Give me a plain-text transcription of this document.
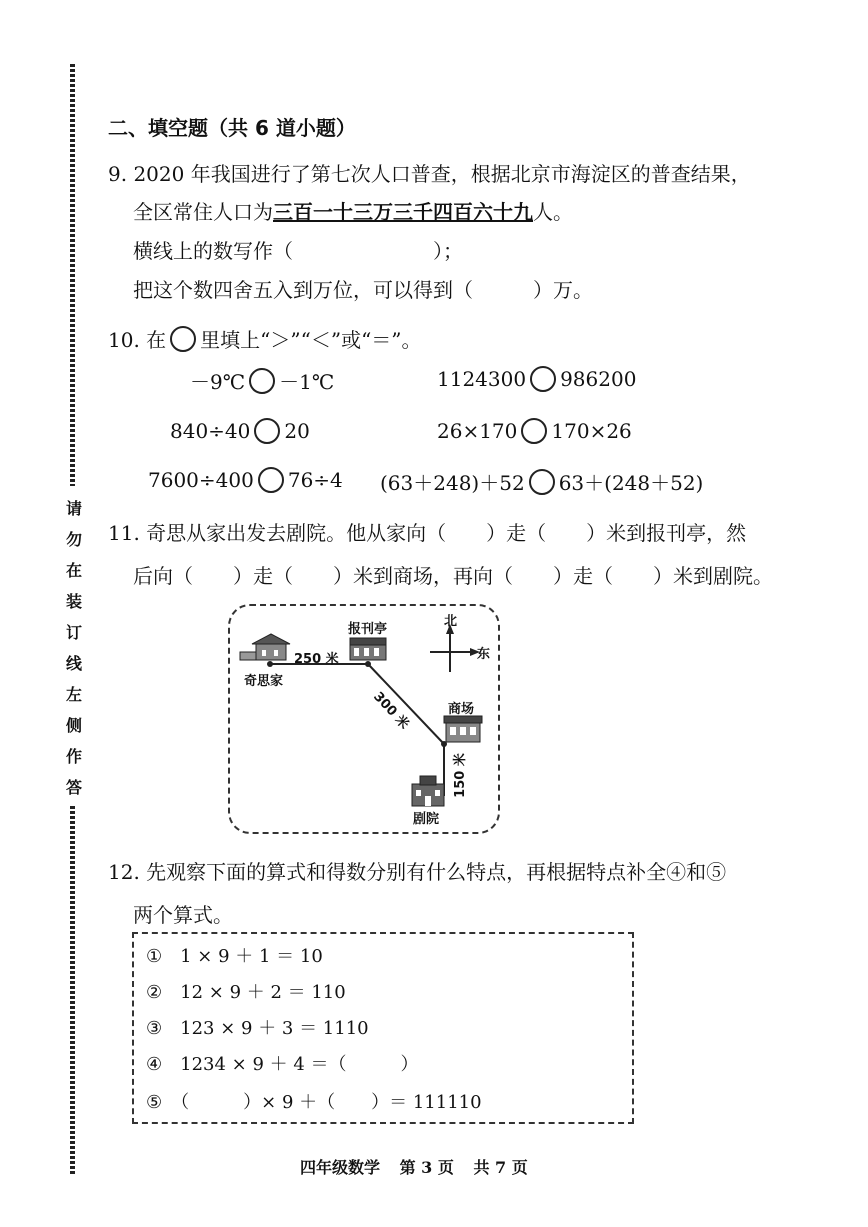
请
勿
在
装
订
线
左
侧
作
答
二、填空题（共 6 道小题）
9. 2020 年我国进行了第七次人口普查，根据北京市海淀区的普查结果，
全区常住人口为三百一十三万三千四百六十九人。
横线上的数写作（　　　　　　　）；
把这个数四舍五入到万位，可以得到（　　　）万。
10. 在 里填上“＞”“＜”或“＝”。
－9℃ －1℃	1124300 986200
840÷40 20	26×170 170×26
7600÷400 76÷4 (63＋248)＋52 63＋(248＋52)
11. 奇思从家出发去剧院。他从家向（　　）走（　　）米到报刊亭，然
后向（　　）走（　　）米到商场，再向（　　）走（　　）米到剧院。
北
东
报刊亭
奇思家
商场
剧院
250 米
300 米
150 米
12. 先观察下面的算式和得数分别有什么特点，再根据特点补全④和⑤
两个算式。
①　1 × 9 ＋ 1 ＝ 10
②　12 × 9 ＋ 2 ＝ 110
③　123 × 9 ＋ 3 ＝ 1110
④　1234 × 9 ＋ 4 ＝（　　　）
⑤　（　　　）× 9 ＋（　　）＝ 111110
四年级数学 第 3 页 共 7 页
